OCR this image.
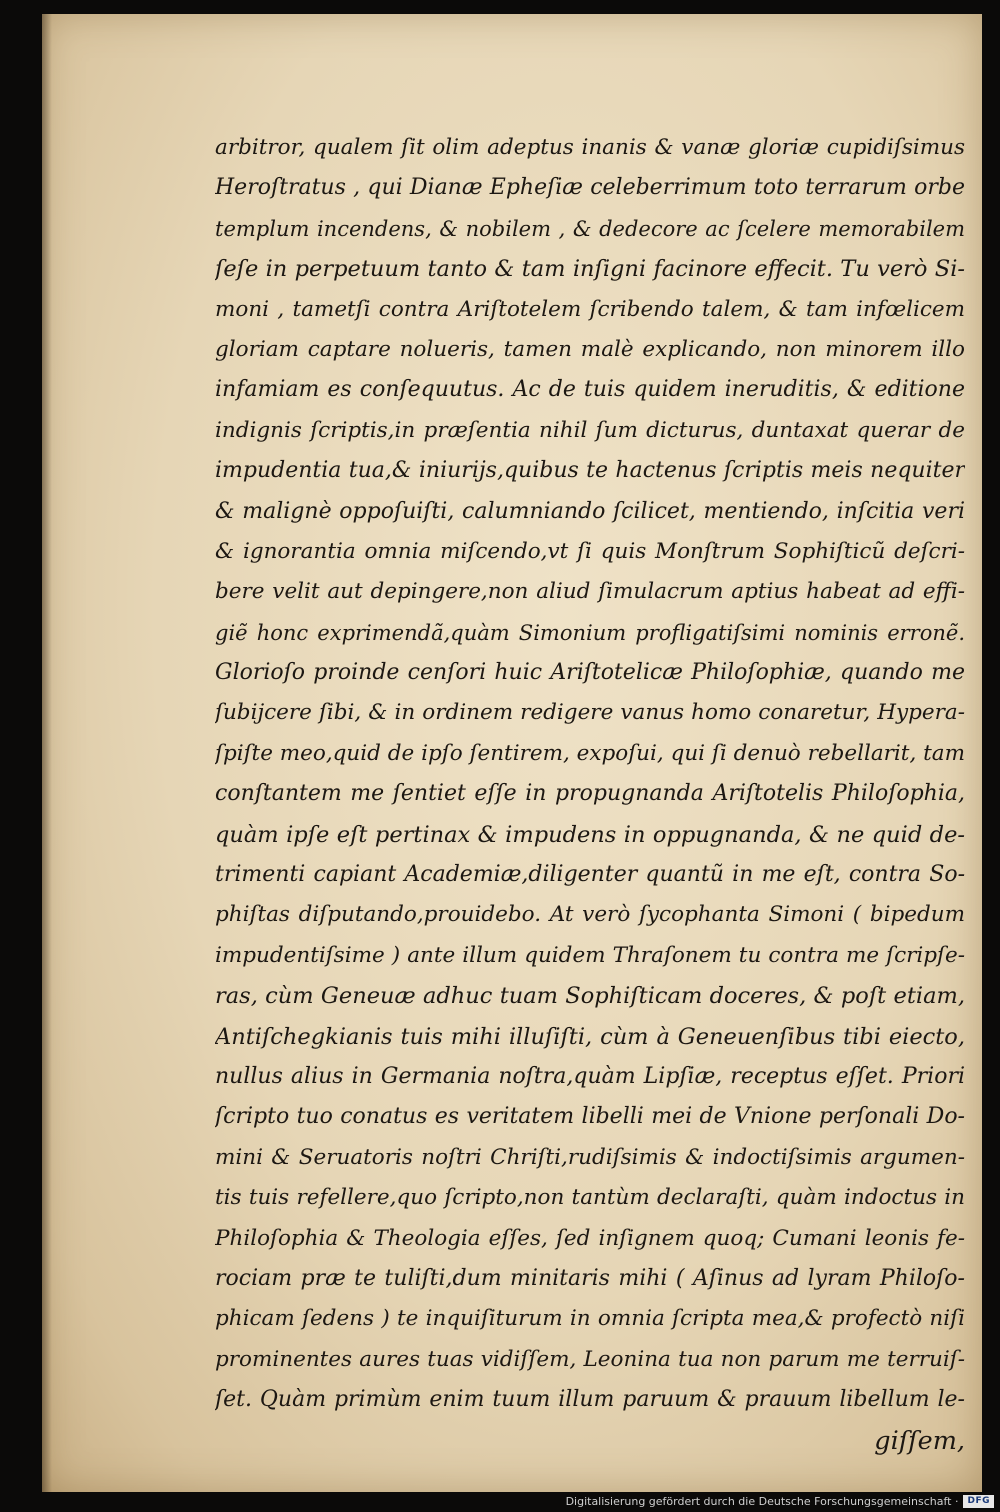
arbitror, qualem ſit olim adeptus inanis & vanæ gloriæ cupidiſsimus
Heroſtratus , qui Dianæ Epheſiæ celeberrimum toto terrarum orbe
templum incendens, & nobilem , & dedecore ac ſcelere memorabilem
ſeſe in perpetuum tanto & tam inſigni facinore effecit. Tu verò Si-
moni , tametſi contra Ariſtotelem ſcribendo talem, & tam infœlicem
gloriam captare nolueris, tamen malè explicando, non minorem illo
infamiam es conſequutus. Ac de tuis quidem ineruditis, & editione
indignis ſcriptis,in præſentia nihil ſum dicturus, duntaxat querar de
impudentia tua,& iniurijs,quibus te hactenus ſcriptis meis nequiter
& malignè oppoſuiſti, calumniando ſcilicet, mentiendo, inſcitia veri
& ignorantia omnia miſcendo,vt ſi quis Monſtrum Sophiſticũ deſcri-
bere velit aut depingere,non aliud ſimulacrum aptius habeat ad effi-
giẽ honc exprimendã,quàm Simonium profligatiſsimi nominis erronẽ.
Glorioſo proinde cenſori huic Ariſtotelicæ Philoſophiæ, quando me
ſubijcere ſibi, & in ordinem redigere vanus homo conaretur, Hypera-
ſpiſte meo,quid de ipſo ſentirem, expoſui, qui ſi denuò rebellarit, tam
conſtantem me ſentiet eſſe in propugnanda Ariſtotelis Philoſophia,
quàm ipſe eſt pertinax & impudens in oppugnanda, & ne quid de-
trimenti capiant Academiæ,diligenter quantũ in me eſt, contra So-
phiſtas diſputando,prouidebo. At verò ſycophanta Simoni ( bipedum
impudentiſsime ) ante illum quidem Thraſonem tu contra me ſcripſe-
ras, cùm Geneuæ adhuc tuam Sophiſticam doceres, & poſt etiam,
Antiſchegkianis tuis mihi illuſiſti, cùm à Geneuenſibus tibi eiecto,
nullus alius in Germania noſtra,quàm Lipſiæ, receptus eſſet. Priori
ſcripto tuo conatus es veritatem libelli mei de Vnione perſonali Do-
mini & Seruatoris noſtri Chriſti,rudiſsimis & indoctiſsimis argumen-
tis tuis refellere,quo ſcripto,non tantùm declaraſti, quàm indoctus in
Philoſophia & Theologia eſſes, ſed inſignem quoq; Cumani leonis fe-
rociam præ te tuliſti,dum minitaris mihi ( Aſinus ad lyram Philoſo-
phicam ſedens ) te inquiſiturum in omnia ſcripta mea,& profectò niſi
prominentes aures tuas vidiſſem, Leonina tua non parum me terruiſ-
ſet. Quàm primùm enim tuum illum paruum & prauum libellum le-
giſſem,
Digitalisierung gefördert durch die Deutsche Forschungsgemeinschaft ·	DFG
